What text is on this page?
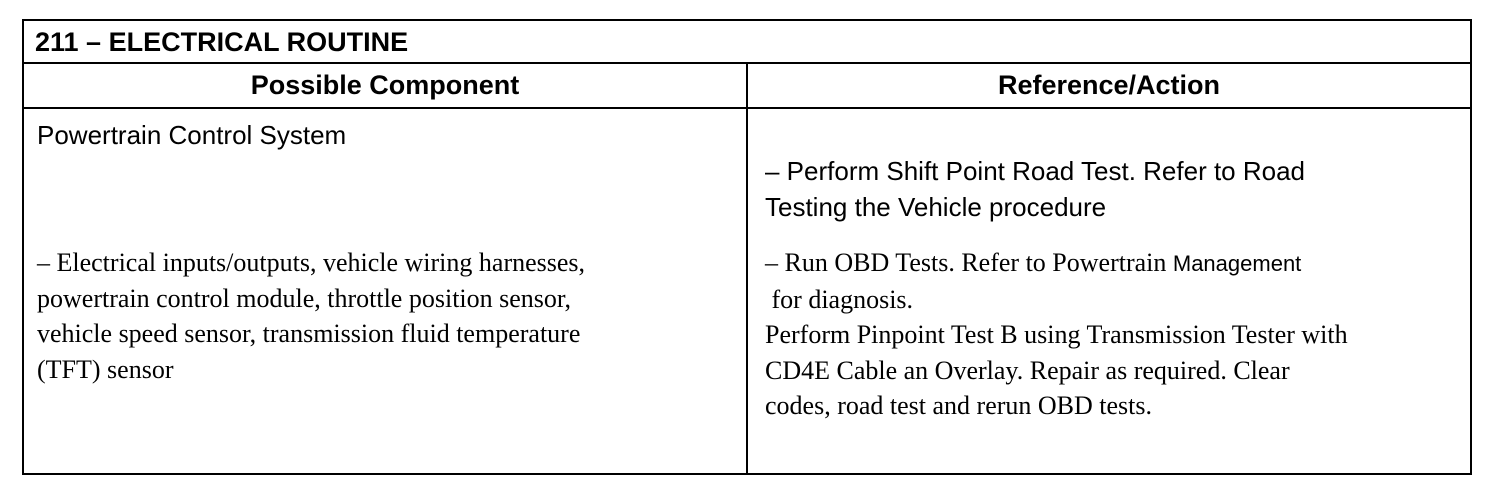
211 – ELECTRICAL ROUTINE
Possible Component	Reference/Action
Powertrain Control System
– Perform Shift Point Road Test. Refer to Road
Testing the Vehicle procedure
– Electrical inputs/outputs, vehicle wiring harnesses,
powertrain control module, throttle position sensor,
vehicle speed sensor, transmission fluid temperature
(TFT) sensor
– Run OBD Tests. Refer to Powertrain Management
for diagnosis.
Perform Pinpoint Test B using Transmission Tester with
CD4E Cable an Overlay. Repair as required. Clear
codes, road test and rerun OBD tests.
